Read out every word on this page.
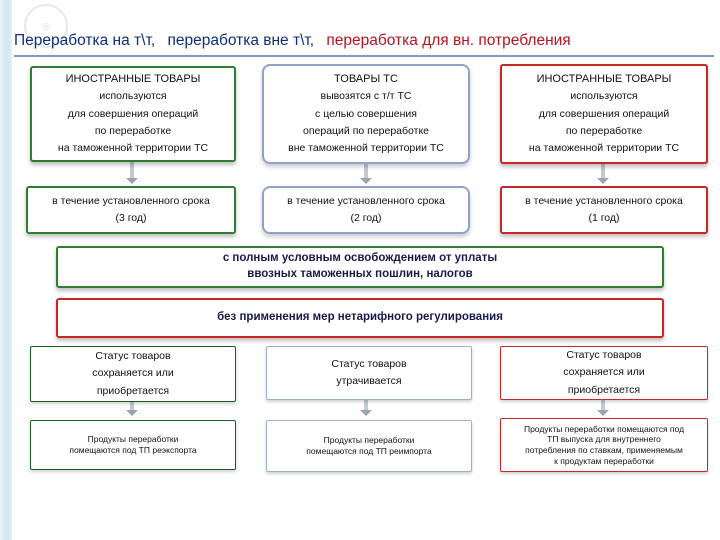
◎
Переработка на т\т, переработка вне т\т, переработка для вн. потребления

ИНОСТРАННЫЕ ТОВАРЫ

используются

для совершения операций

по переработке

на таможенной территории ТС

ТОВАРЫ ТС

вывозятся с т/т ТС

с целью совершения

операций по переработке

вне таможенной территории ТС

ИНОСТРАННЫЕ ТОВАРЫ

используются

для совершения операций

по переработке

на таможенной территории ТС

в течение установленного срока

(3 год)

в течение установленного срока

(2 год)

в течение установленного срока

(1 год)

с полным условным освобождением от уплаты

ввозных таможенных пошлин, налогов

без применения мер нетарифного регулирования

Статус товаров

сохраняется или

приобретается

Статус товаров

утрачивается

Статус товаров

сохраняется или

приобретается

Продукты переработки

помещаются под ТП реэкспорта

Продукты переработки

помещаются под ТП реимпорта

Продукты переработки помещаются под

ТП выпуска для внутреннего

потребления по ставкам, применяемым

к продуктам переработки
